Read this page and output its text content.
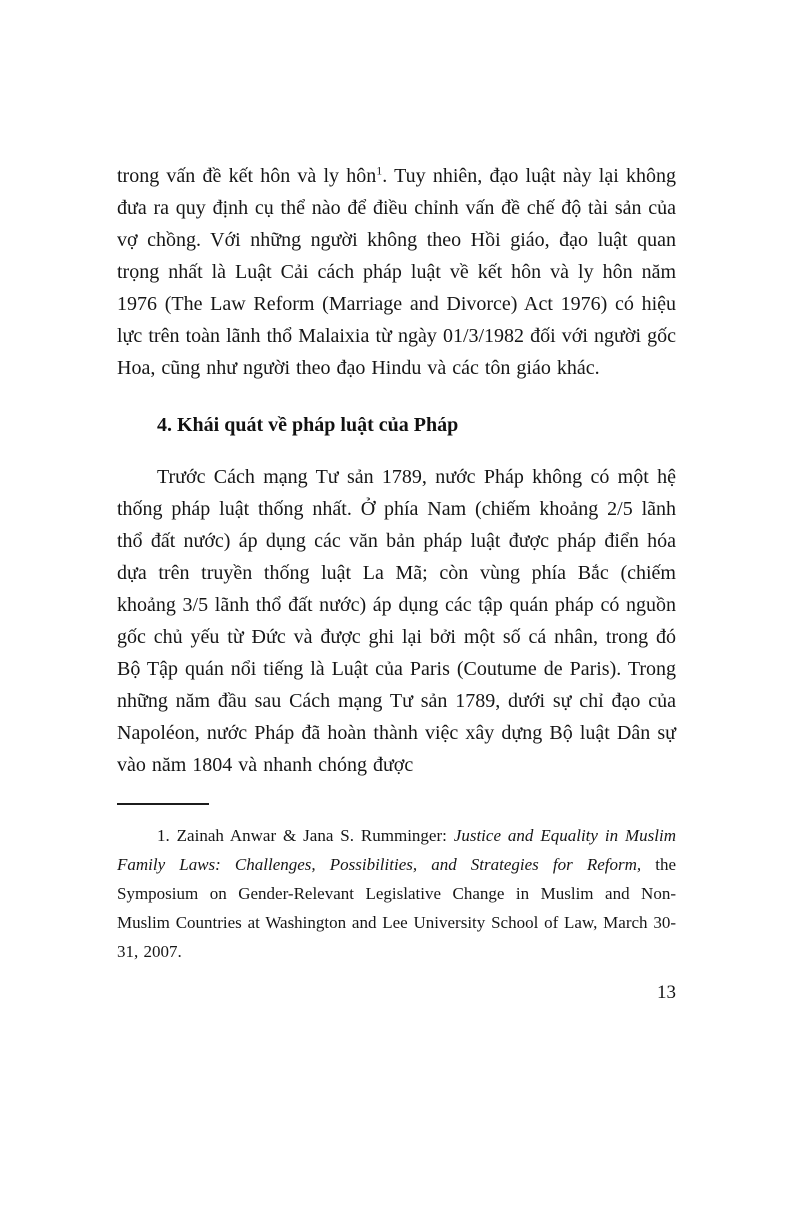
trong vấn đề kết hôn và ly hôn$^1$. Tuy nhiên, đạo luật này lại không đưa ra quy định cụ thể nào để điều chỉnh vấn đề chế độ tài sản của vợ chồng. Với những người không theo Hồi giáo, đạo luật quan trọng nhất là Luật Cải cách pháp luật về kết hôn và ly hôn năm 1976 (The Law Reform (Marriage and Divorce) Act 1976) có hiệu lực trên toàn lãnh thổ Malaixia từ ngày 01/3/1982 đối với người gốc Hoa, cũng như người theo đạo Hindu và các tôn giáo khác.

4. Khái quát về pháp luật của Pháp

Trước Cách mạng Tư sản 1789, nước Pháp không có một hệ thống pháp luật thống nhất. Ở phía Nam (chiếm khoảng 2/5 lãnh thổ đất nước) áp dụng các văn bản pháp luật được pháp điển hóa dựa trên truyền thống luật La Mã; còn vùng phía Bắc (chiếm khoảng 3/5 lãnh thổ đất nước) áp dụng các tập quán pháp có nguồn gốc chủ yếu từ Đức và được ghi lại bởi một số cá nhân, trong đó Bộ Tập quán nổi tiếng là Luật của Paris (Coutume de Paris). Trong những năm đầu sau Cách mạng Tư sản 1789, dưới sự chỉ đạo của Napoléon, nước Pháp đã hoàn thành việc xây dựng Bộ luật Dân sự vào năm 1804 và nhanh chóng được

1. Zainah Anwar & Jana S. Rumminger: Justice and Equality in Muslim Family Laws: Challenges, Possibilities, and Strategies for Reform, the Symposium on Gender-Relevant Legislative Change in Muslim and Non-Muslim Countries at Washington and Lee University School of Law, March 30-31, 2007.

13
